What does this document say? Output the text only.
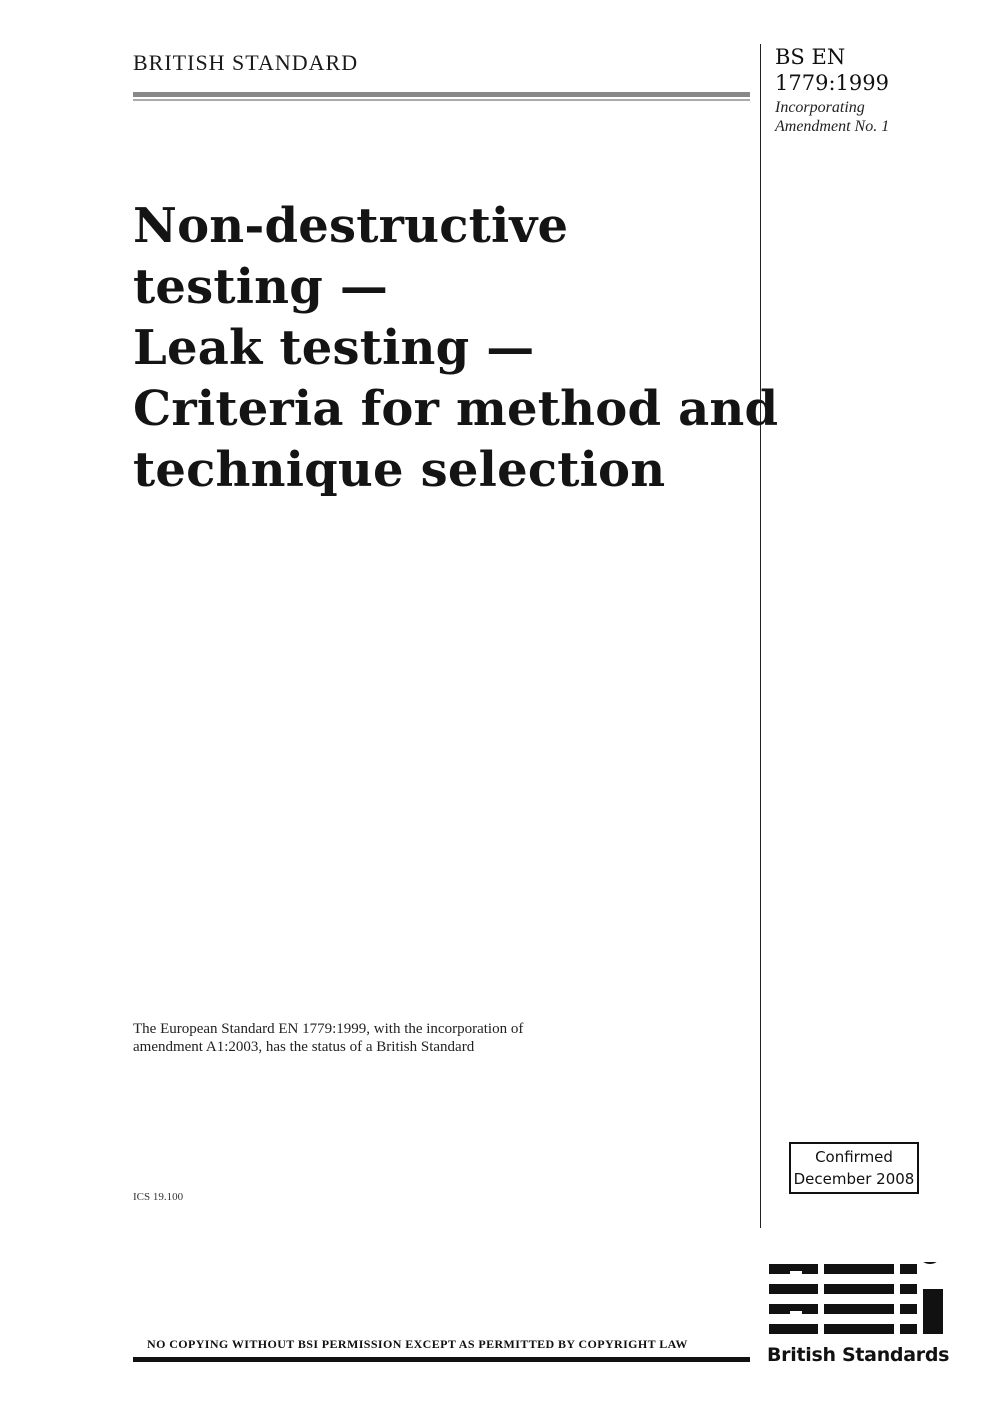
BRITISH STANDARD	BS EN
1779:1999
Incorporating
Amendment No. 1
Non-destructive
testing —
Leak testing —
Criteria for method and
technique selection
The European Standard EN 1779:1999, with the incorporation of
amendment A1:2003, has the status of a British Standard
ICS 19.100
Confirmed
December 2008
British Standards
NO COPYING WITHOUT BSI PERMISSION EXCEPT AS PERMITTED BY COPYRIGHT LAW
